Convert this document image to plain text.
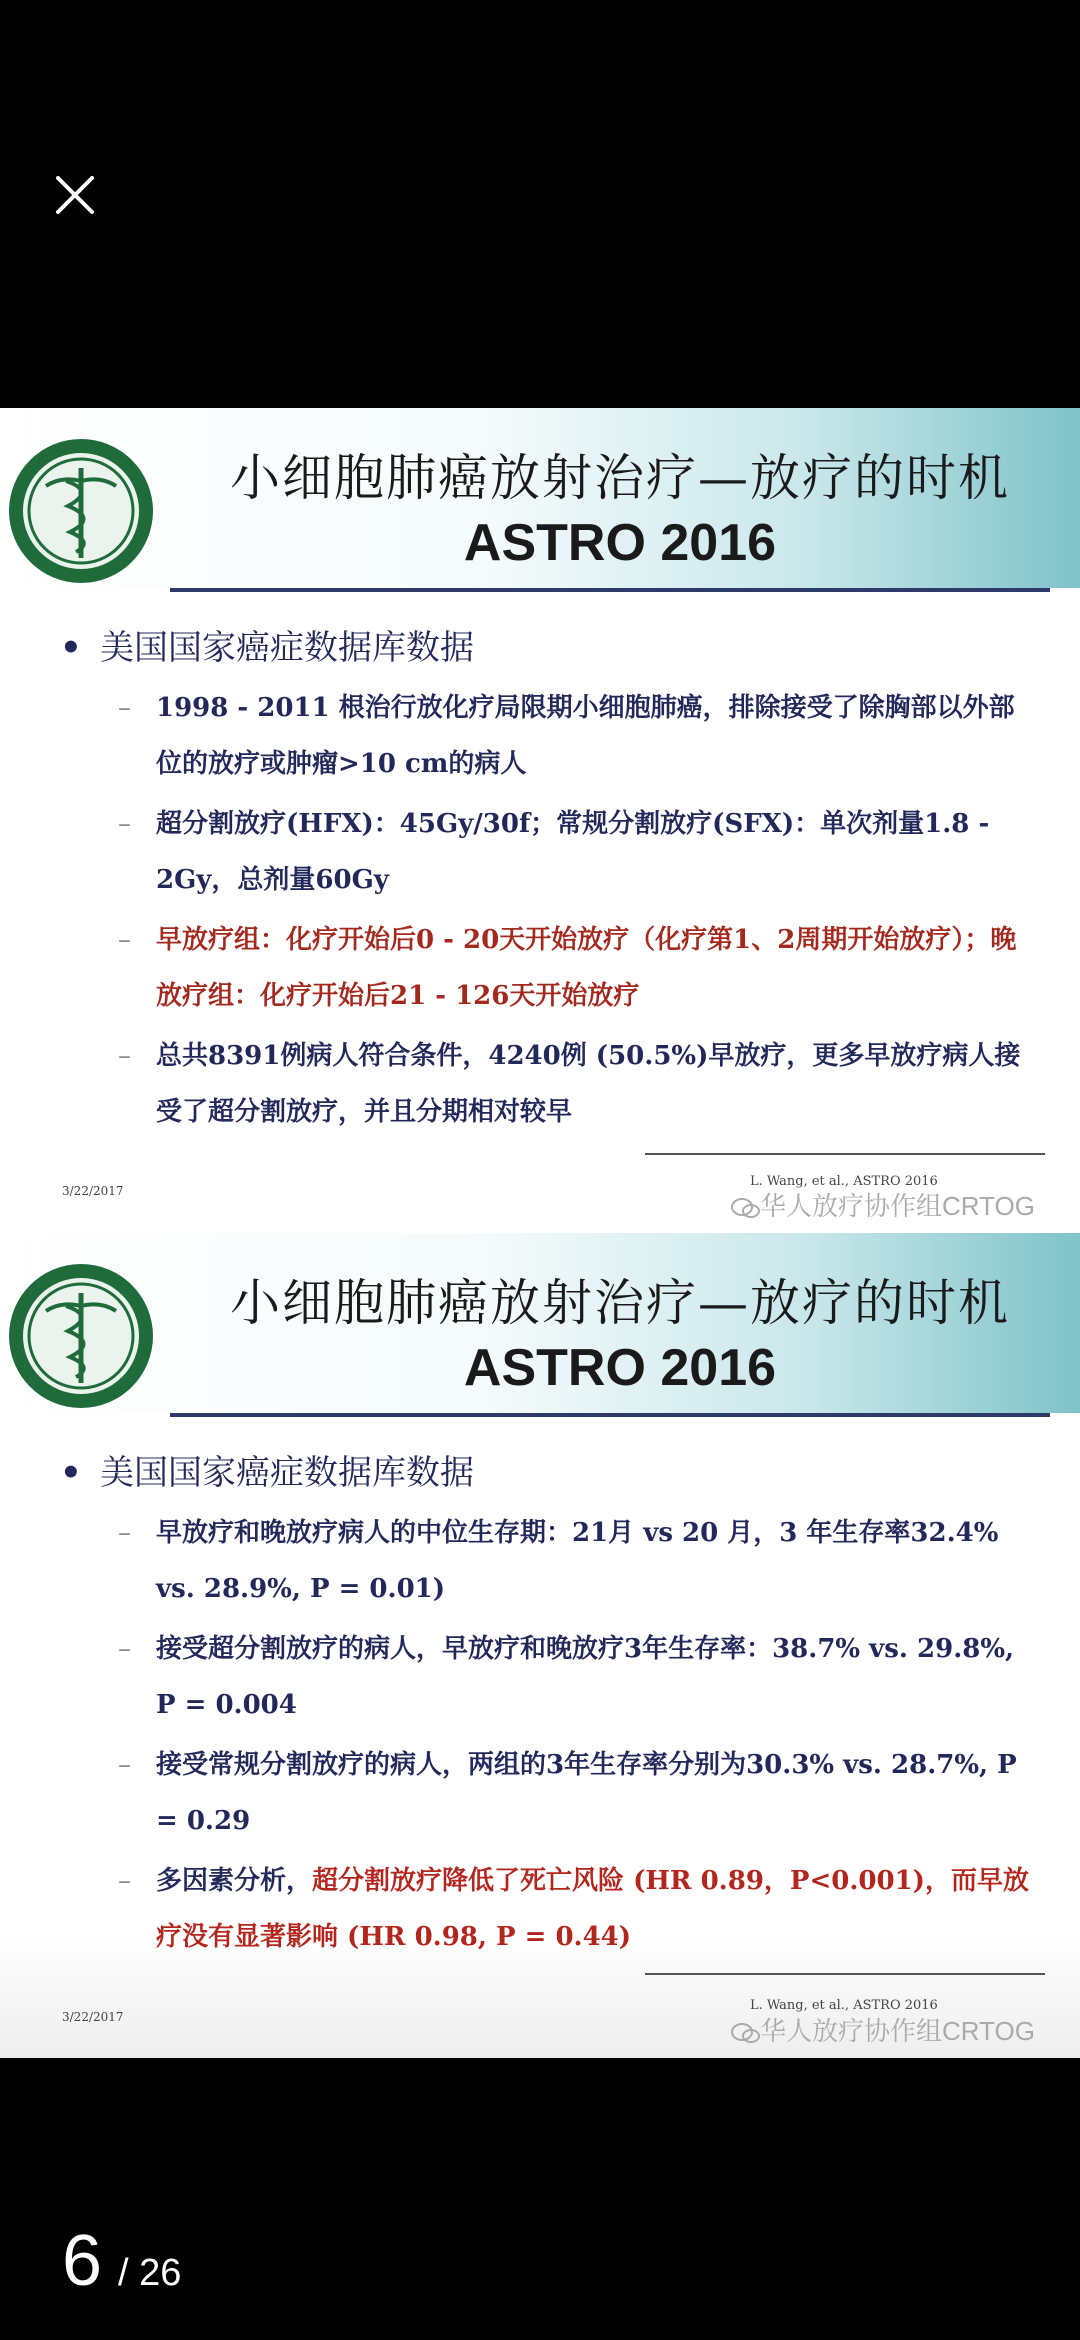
小细胞肺癌放射治疗—放疗的时机
ASTRO 2016
• 美国国家癌症数据库数据
– 1998 - 2011 根治行放化疗局限期小细胞肺癌，排除接受了除胸部以外部位的放疗或肿瘤>10 cm的病人
– 超分割放疗(HFX)：45Gy/30f；常规分割放疗(SFX)：单次剂量1.8 - 2Gy，总剂量60Gy
– 早放疗组：化疗开始后0 - 20天开始放疗（化疗第1、2周期开始放疗）；晚放疗组：化疗开始后21 - 126天开始放疗
– 总共8391例病人符合条件，4240例 (50.5%)早放疗，更多早放疗病人接受了超分割放疗，并且分期相对较早
3/22/2017
L. Wang, et al., ASTRO 2016
华人放疗协作组CRTOG
小细胞肺癌放射治疗—放疗的时机
ASTRO 2016
• 美国国家癌症数据库数据
– 早放疗和晚放疗病人的中位生存期：21月 vs 20 月，3 年生存率32.4% vs. 28.9%, P = 0.01)
– 接受超分割放疗的病人，早放疗和晚放疗3年生存率：38.7% vs. 29.8%, P = 0.004
– 接受常规分割放疗的病人，两组的3年生存率分别为30.3% vs. 28.7%, P = 0.29
– 多因素分析，超分割放疗降低了死亡风险 (HR 0.89，P<0.001)，而早放疗没有显著影响 (HR 0.98, P = 0.44)
3/22/2017
L. Wang, et al., ASTRO 2016
华人放疗协作组CRTOG
6 / 26
